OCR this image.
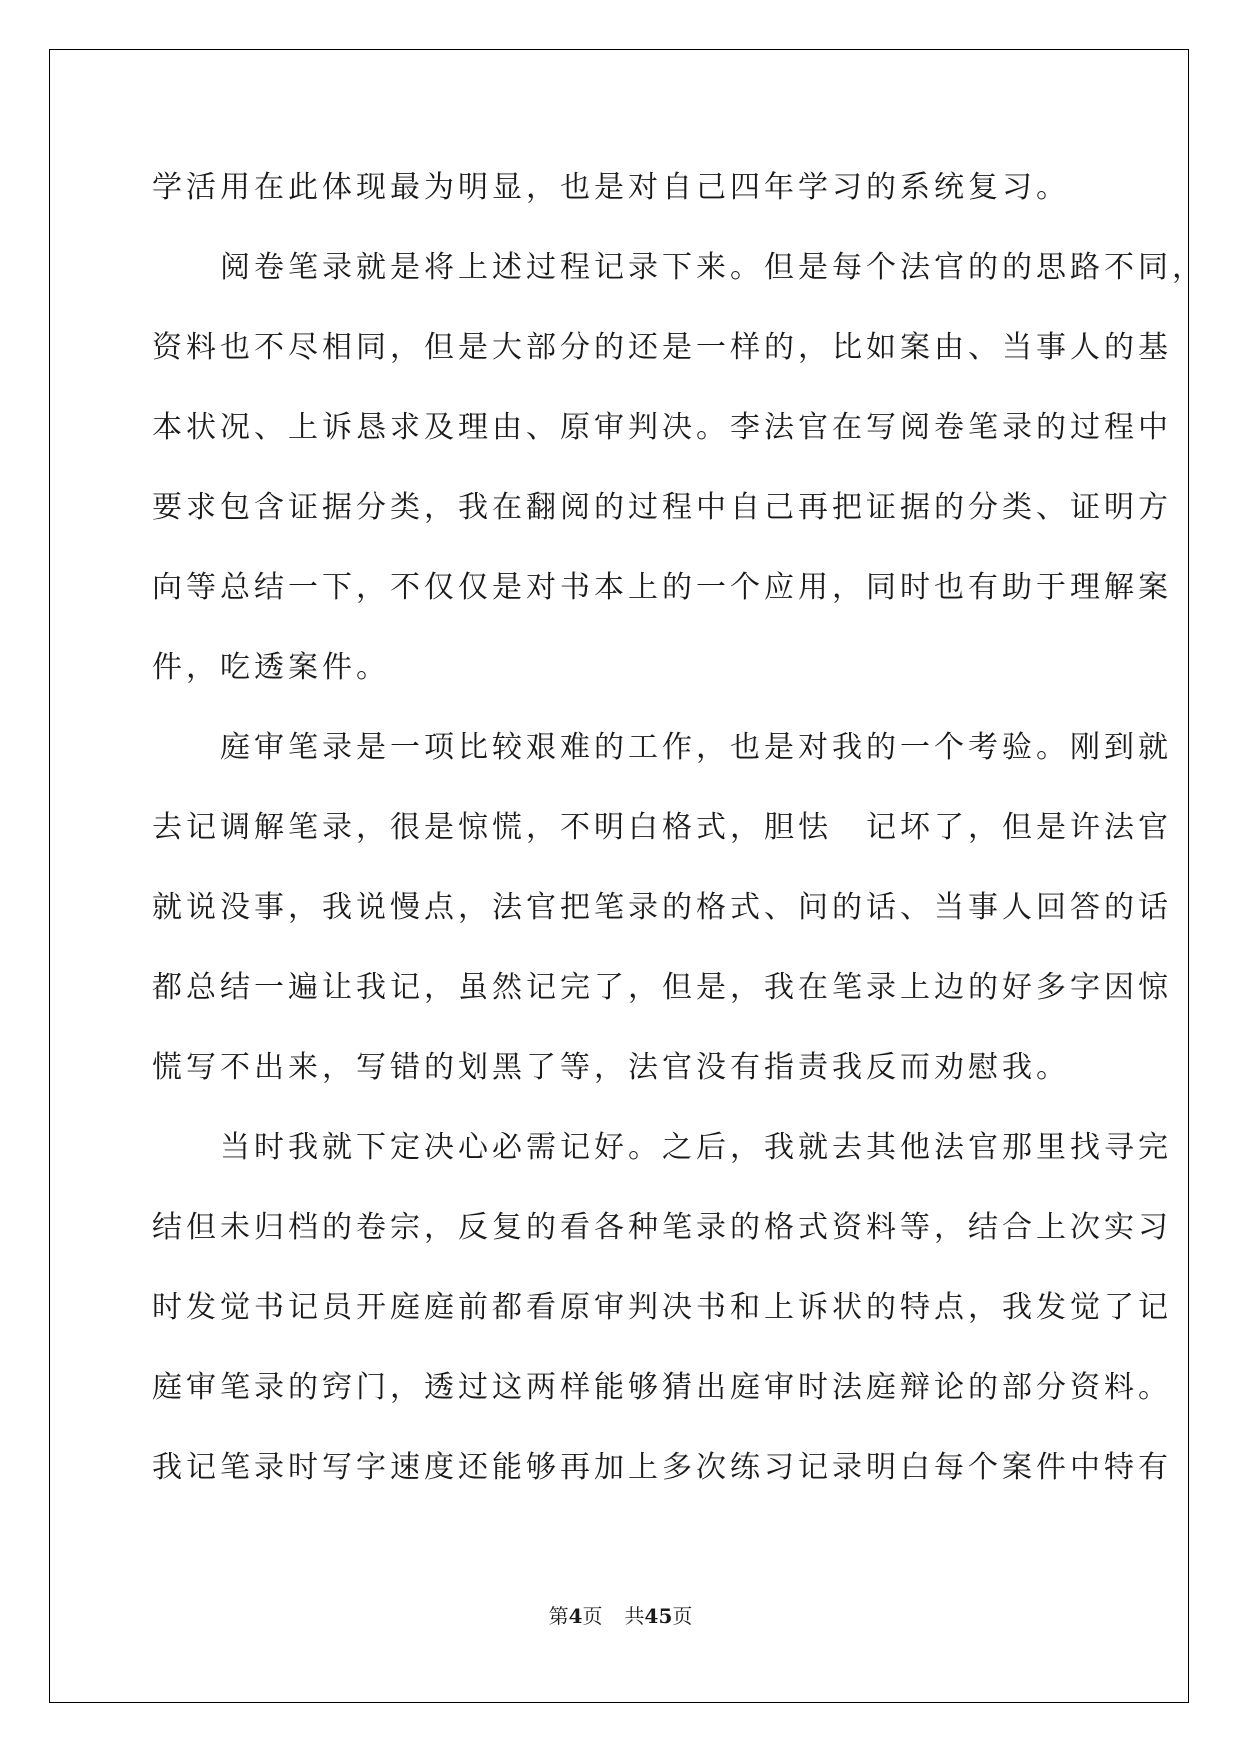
学活用在此体现最为明显，也是对自己四年学习的系统复习。
　　阅卷笔录就是将上述过程记录下来。但是每个法官的的思路不同，
资料也不尽相同，但是大部分的还是一样的，比如案由、当事人的基
本状况、上诉恳求及理由、原审判决。李法官在写阅卷笔录的过程中
要求包含证据分类，我在翻阅的过程中自己再把证据的分类、证明方
向等总结一下，不仅仅是对书本上的一个应用，同时也有助于理解案
件，吃透案件。
　　庭审笔录是一项比较艰难的工作，也是对我的一个考验。刚到就
去记调解笔录，很是惊慌，不明白格式，胆怯　记坏了，但是许法官
就说没事，我说慢点，法官把笔录的格式、问的话、当事人回答的话
都总结一遍让我记，虽然记完了，但是，我在笔录上边的好多字因惊
慌写不出来，写错的划黑了等，法官没有指责我反而劝慰我。
　　当时我就下定决心必需记好。之后，我就去其他法官那里找寻完
结但未归档的卷宗，反复的看各种笔录的格式资料等，结合上次实习
时发觉书记员开庭庭前都看原审判决书和上诉状的特点，我发觉了记
庭审笔录的窍门，透过这两样能够猜出庭审时法庭辩论的部分资料。
我记笔录时写字速度还能够再加上多次练习记录明白每个案件中特有
第4页 共45页
